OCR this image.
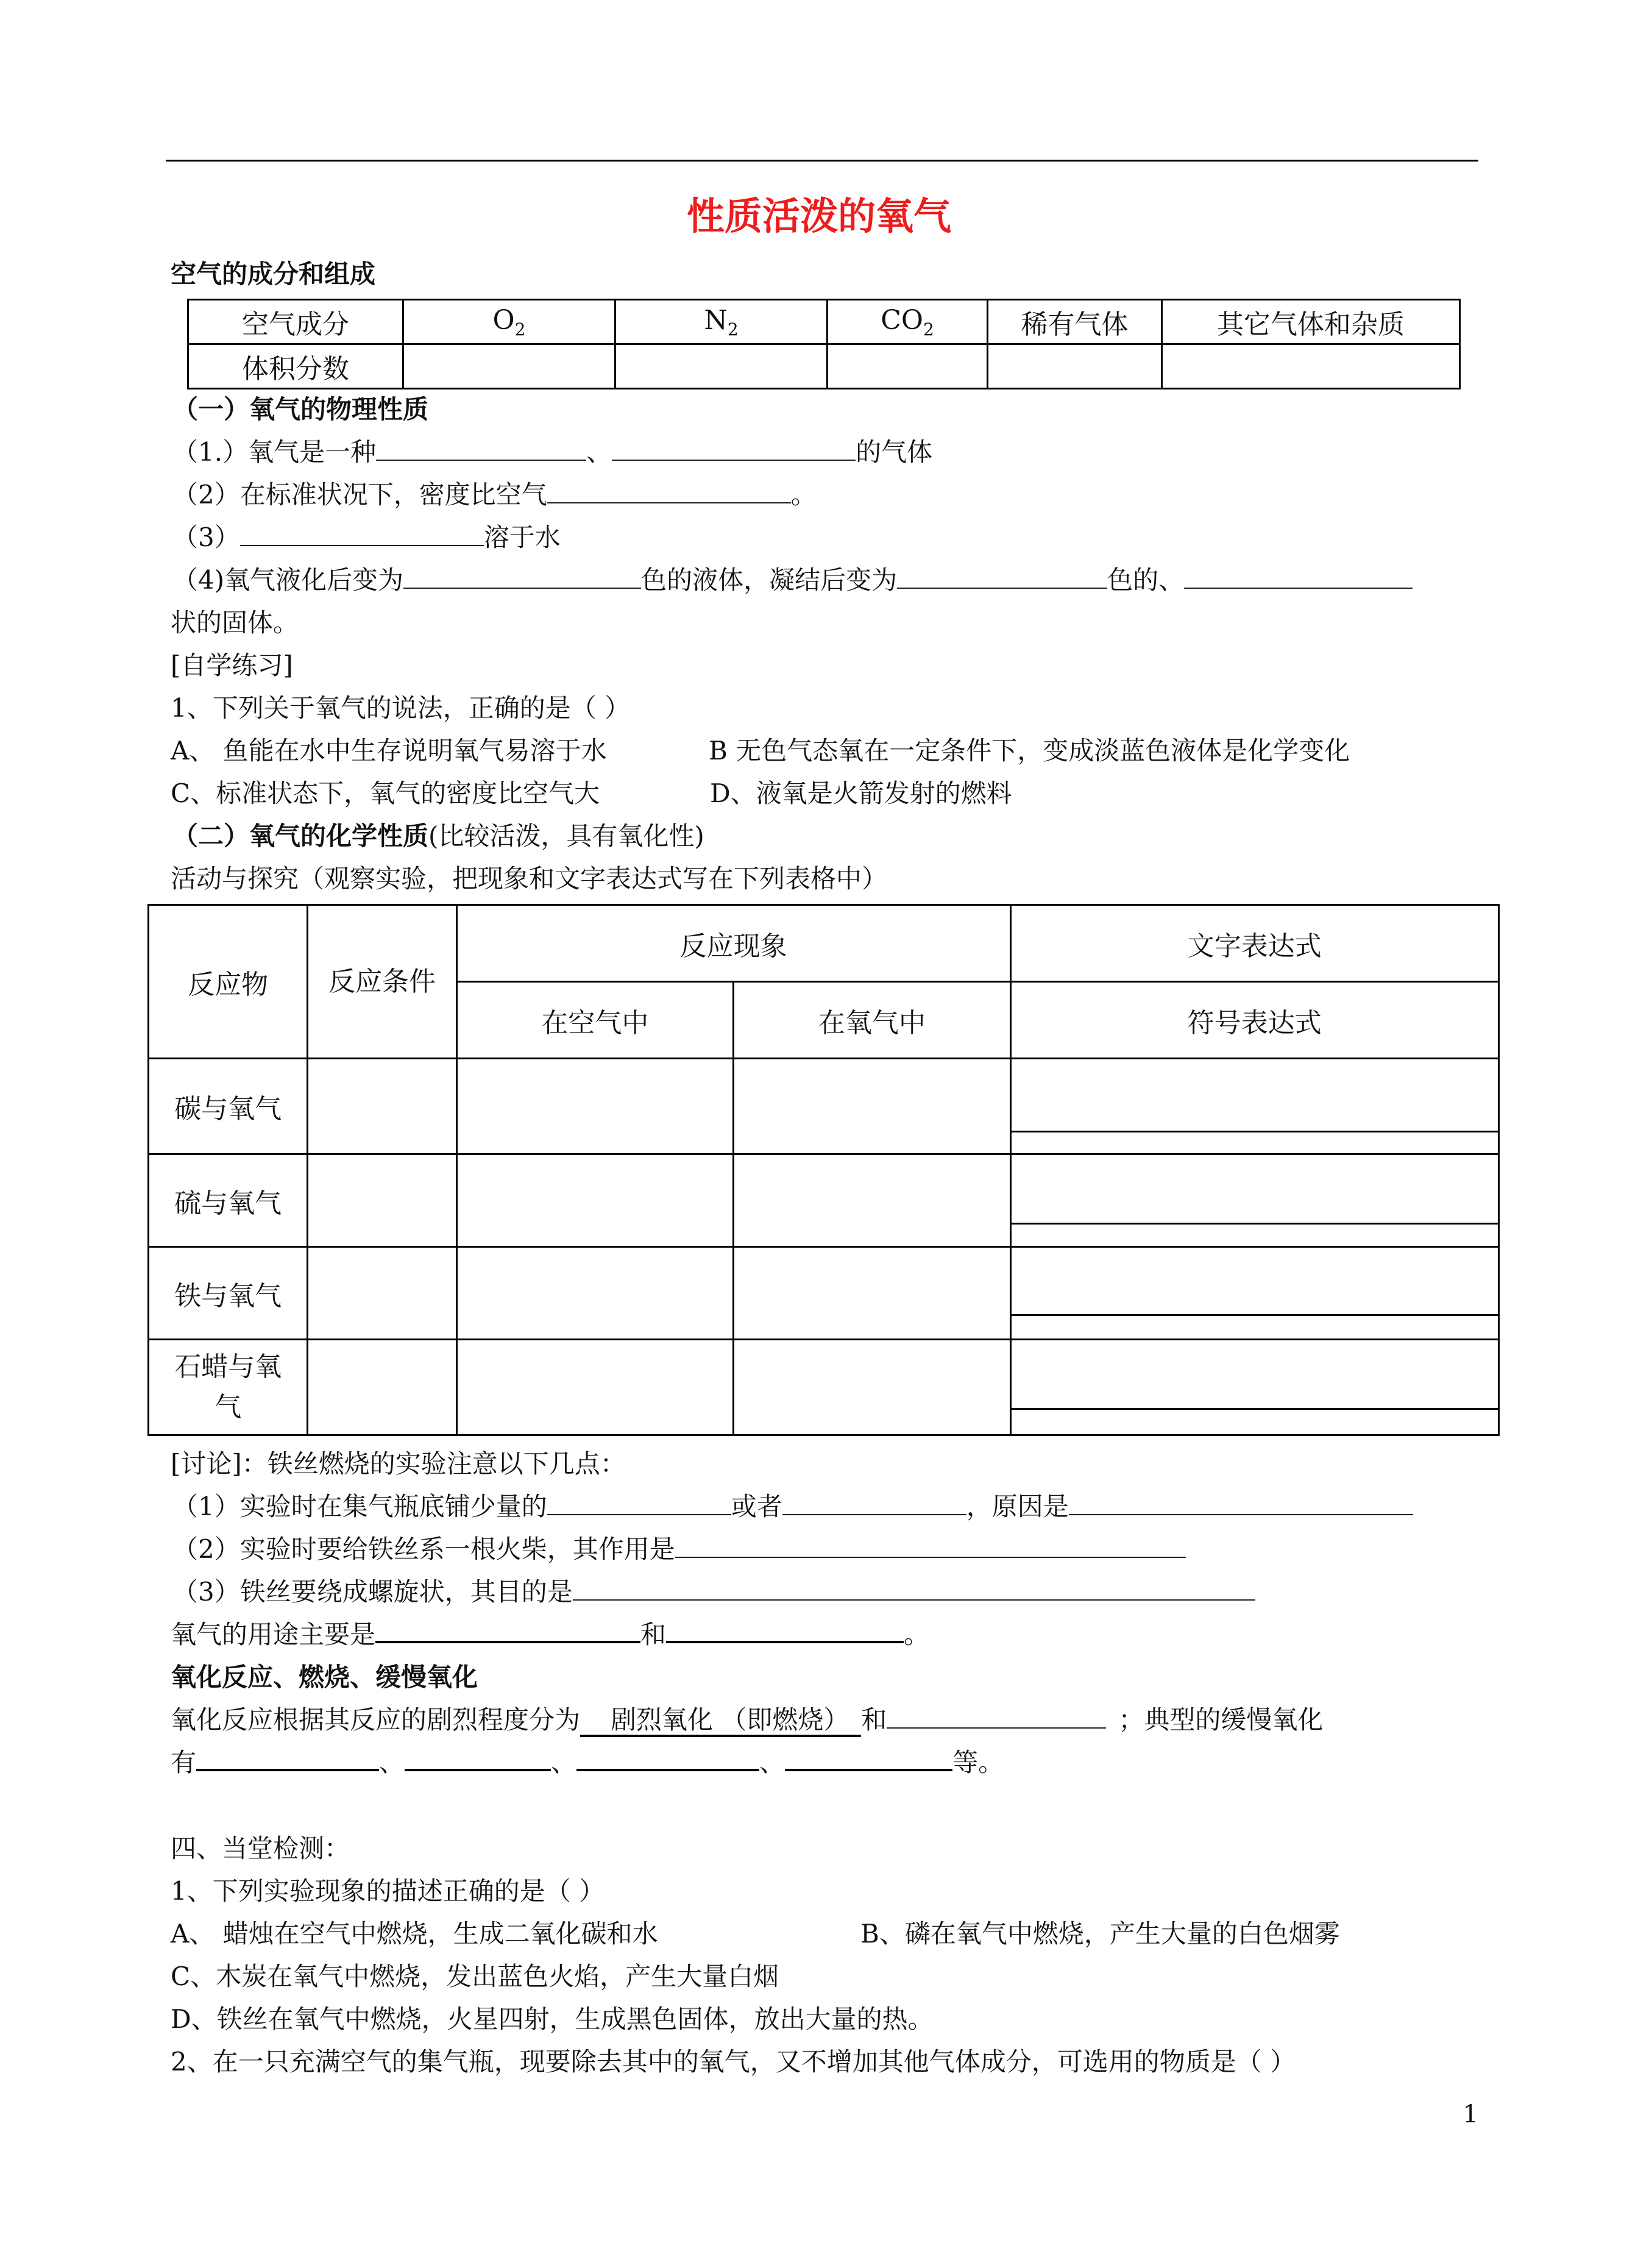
性质活泼的氧气
空气的成分和组成
空气成分	$O_2$	$N_2$	$CO_2$	稀有气体	其它气体和杂质
体积分数					
（一）氧气的物理性质
（1.）氧气是一种	、	的气体
（2）在标准状况下，密度比空气	。
（3）	溶于水
（4)氧气液化后变为	色的液体，凝结后变为	色的、
状的固体。
[自学练习]
1、下列关于氧气的说法，正确的是（ ）
A、 鱼能在水中生存说明氧气易溶于水	B 无色气态氧在一定条件下，变成淡蓝色液体是化学变化
C、标准状态下，氧气的密度比空气大	D、液氧是火箭发射的燃料
（二）氧气的化学性质(比较活泼，具有氧化性)
活动与探究（观察实验，把现象和文字表达式写在下列表格中）
反应物	反应条件	反应现象		文字表达式
		在空气中	在氧气中	符号表达式
碳与氧气				

硫与氧气				

铁与氧气				

石蜡与氧气				
[讨论]：铁丝燃烧的实验注意以下几点：
（1）实验时在集气瓶底铺少量的	或者	，原因是
（2）实验时要给铁丝系一根火柴，其作用是
（3）铁丝要绕成螺旋状，其目的是
氧气的用途主要是	和	。
氧化反应、燃烧、缓慢氧化
氧化反应根据其反应的剧烈程度分为 剧烈氧化 （即燃烧） 和	；典型的缓慢氧化
有	、	、	、	等。
四、当堂检测：
1、下列实验现象的描述正确的是（ ）
A、 蜡烛在空气中燃烧，生成二氧化碳和水	B、磷在氧气中燃烧，产生大量的白色烟雾
C、木炭在氧气中燃烧，发出蓝色火焰，产生大量白烟
D、铁丝在氧气中燃烧，火星四射，生成黑色固体，放出大量的热。
2、在一只充满空气的集气瓶，现要除去其中的氧气，又不增加其他气体成分，可选用的物质是（ ）
1
